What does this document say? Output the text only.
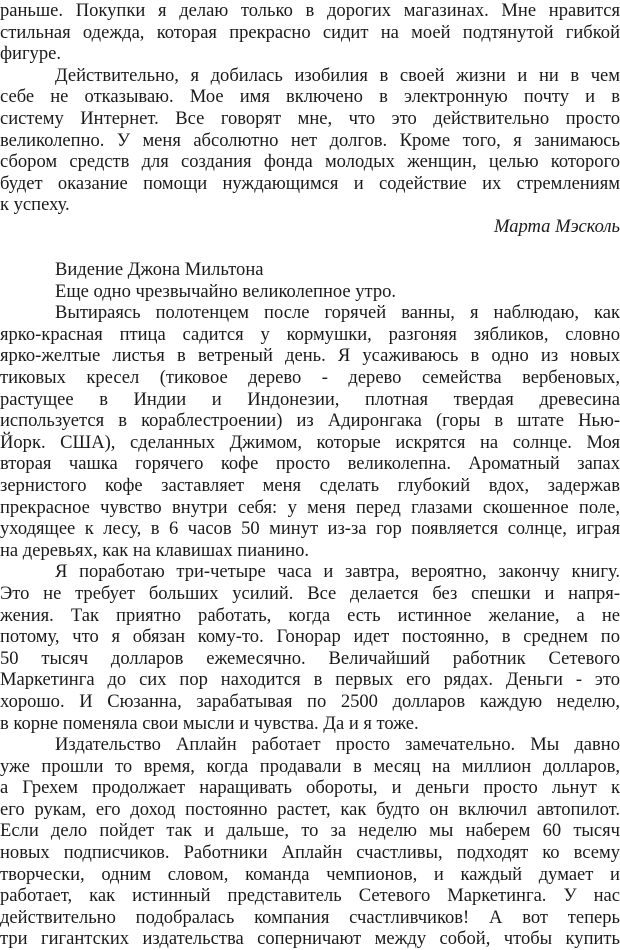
раньше. Покупки я делаю только в дорогих магазинах. Мне нравится
стильная одежда, которая прекрасно сидит на моей подтянутой гибкой
фигуре.
Действительно, я добилась изобилия в своей жизни и ни в чем
себе не отказываю. Мое имя включено в электронную почту и в
систему Интернет. Все говорят мне, что это действительно просто
великолепно. У меня абсолютно нет долгов. Кроме того, я занимаюсь
сбором средств для создания фонда молодых женщин, целью которого
будет оказание помощи нуждающимся и содействие их стремлениям
к успеху.
Марта Мэсколь
Видение Джона Мильтона
Еще одно чрезвычайно великолепное утро.
Вытираясь полотенцем после горячей ванны, я наблюдаю, как
ярко-красная птица садится у кормушки, разгоняя зябликов, словно
ярко-желтые листья в ветреный день. Я усаживаюсь в одно из новых
тиковых кресел (тиковое дерево - дерево семейства вербеновых,
растущее в Индии и Индонезии, плотная твердая древесина
используется в кораблестроении) из Адиронгака (горы в штате Нью-
Йорк. США), сделанных Джимом, которые искрятся на солнце. Моя
вторая чашка горячего кофе просто великолепна. Ароматный запах
зернистого кофе заставляет меня сделать глубокий вдох, задержав
прекрасное чувство внутри себя: у меня перед глазами скошенное поле,
уходящее к лесу, в 6 часов 50 минут из-за гор появляется солнце, играя
на деревьях, как на клавишах пианино.
Я поработаю три-четыре часа и завтра, вероятно, закончу книгу.
Это не требует больших усилий. Все делается без спешки и напря-
жения. Так приятно работать, когда есть истинное желание, а не
потому, что я обязан кому-то. Гонорар идет постоянно, в среднем по
50 тысяч долларов ежемесячно. Величайший работник Сетевого
Маркетинга до сих пор находится в первых его рядах. Деньги - это
хорошо. И Сюзанна, зарабатывая по 2500 долларов каждую неделю,
в корне поменяла свои мысли и чувства. Да и я тоже.
Издательство Аплайн работает просто замечательно. Мы давно
уже прошли то время, когда продавали в месяц на миллион долларов,
а Грехем продолжает наращивать обороты, и деньги просто льнут к
его рукам, его доход постоянно растет, как будто он включил автопилот.
Если дело пойдет так и дальше, то за неделю мы наберем 60 тысяч
новых подписчиков. Работники Аплайн счастливы, подходят ко всему
творчески, одним словом, команда чемпионов, и каждый думает и
работает, как истинный представитель Сетевого Маркетинга. У нас
действительно подобралась компания счастливчиков! А вот теперь
три гигантских издательства соперничают между собой, чтобы купить
